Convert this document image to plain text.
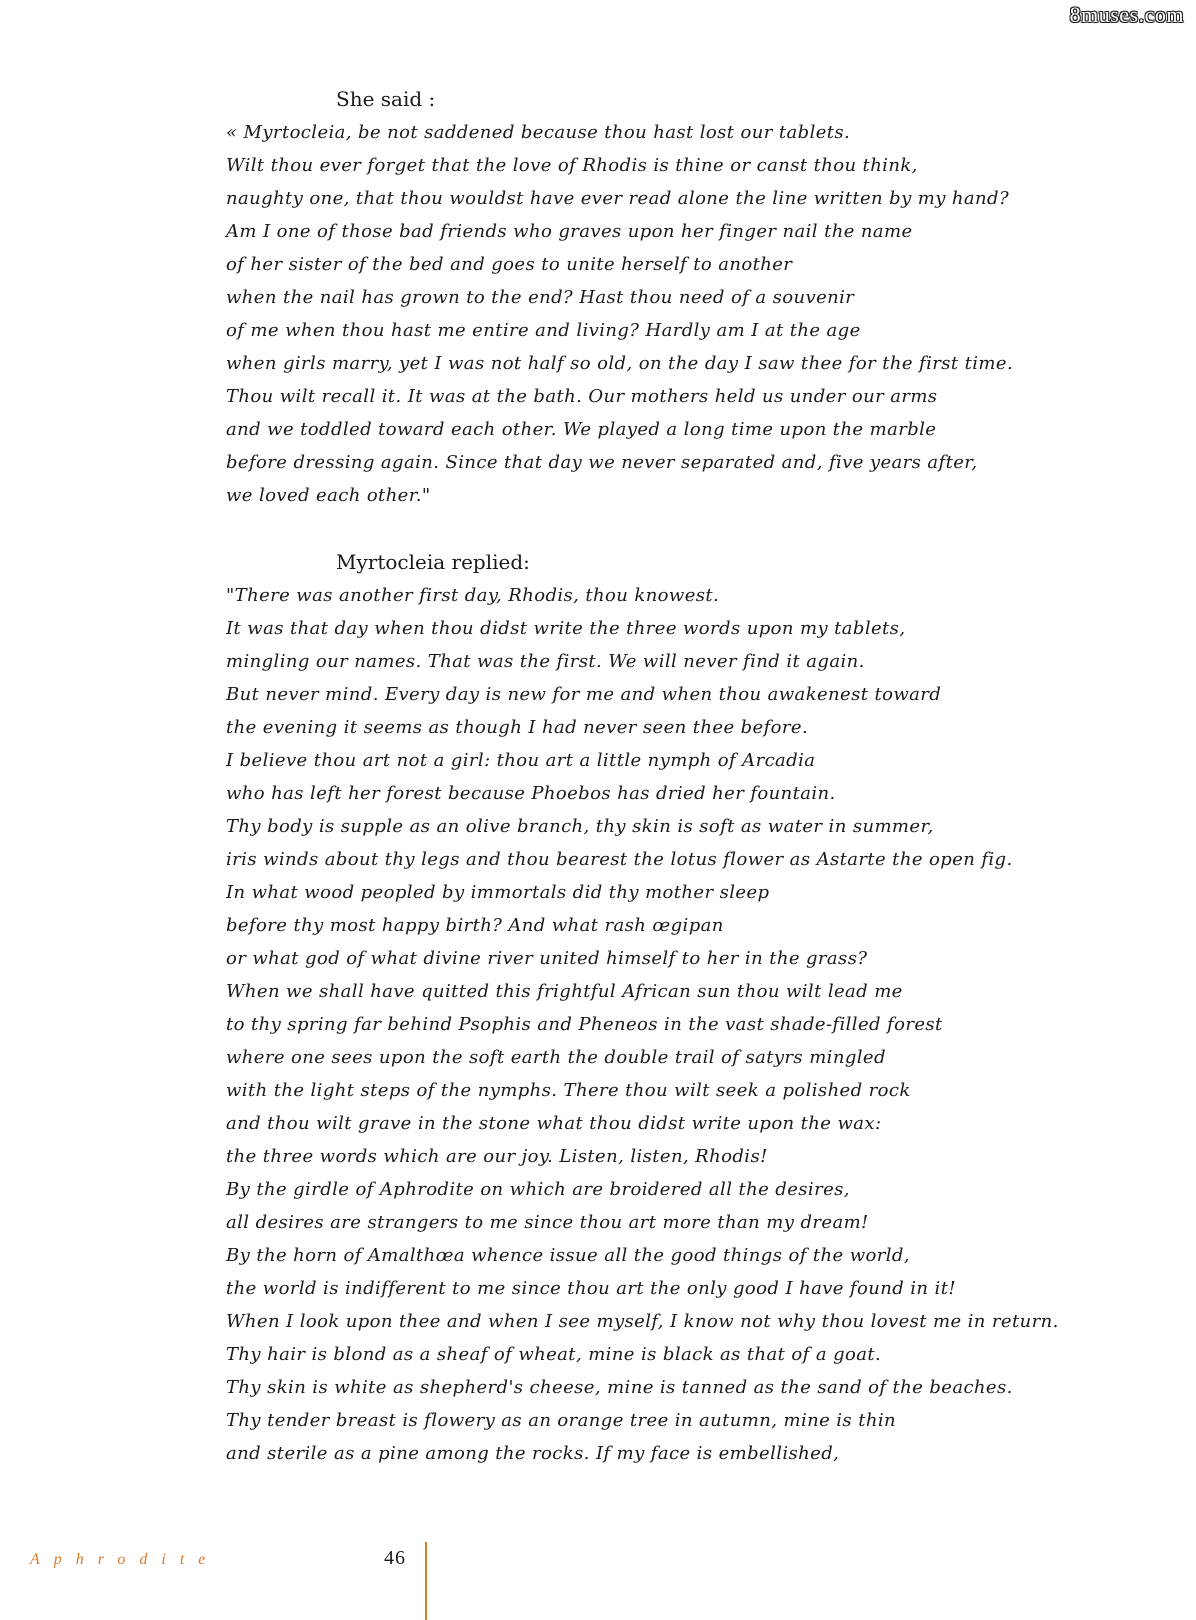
8muses.com
She said :
« Myrtocleia, be not saddened because thou hast lost our tablets.
Wilt thou ever forget that the love of Rhodis is thine or canst thou think,
naughty one, that thou wouldst have ever read alone the line written by my hand?
Am I one of those bad friends who graves upon her finger nail the name
of her sister of the bed and goes to unite herself to another
when the nail has grown to the end? Hast thou need of a souvenir
of me when thou hast me entire and living? Hardly am I at the age
when girls marry, yet I was not half so old, on the day I saw thee for the first time.
Thou wilt recall it. It was at the bath. Our mothers held us under our arms
and we toddled toward each other. We played a long time upon the marble
before dressing again. Since that day we never separated and, five years after,
we loved each other."
Myrtocleia replied:
"There was another first day, Rhodis, thou knowest.
It was that day when thou didst write the three words upon my tablets,
mingling our names. That was the first. We will never find it again.
But never mind. Every day is new for me and when thou awakenest toward
the evening it seems as though I had never seen thee before.
I believe thou art not a girl: thou art a little nymph of Arcadia
who has left her forest because Phoebos has dried her fountain.
Thy body is supple as an olive branch, thy skin is soft as water in summer,
iris winds about thy legs and thou bearest the lotus flower as Astarte the open fig.
In what wood peopled by immortals did thy mother sleep
before thy most happy birth? And what rash œgipan
or what god of what divine river united himself to her in the grass?
When we shall have quitted this frightful African sun thou wilt lead me
to thy spring far behind Psophis and Pheneos in the vast shade-filled forest
where one sees upon the soft earth the double trail of satyrs mingled
with the light steps of the nymphs. There thou wilt seek a polished rock
and thou wilt grave in the stone what thou didst write upon the wax:
the three words which are our joy. Listen, listen, Rhodis!
By the girdle of Aphrodite on which are broidered all the desires,
all desires are strangers to me since thou art more than my dream!
By the horn of Amalthœa whence issue all the good things of the world,
the world is indifferent to me since thou art the only good I have found in it!
When I look upon thee and when I see myself, I know not why thou lovest me in return.
Thy hair is blond as a sheaf of wheat, mine is black as that of a goat.
Thy skin is white as shepherd's cheese, mine is tanned as the sand of the beaches.
Thy tender breast is flowery as an orange tree in autumn, mine is thin
and sterile as a pine among the rocks. If my face is embellished,
Aphrodite	46
